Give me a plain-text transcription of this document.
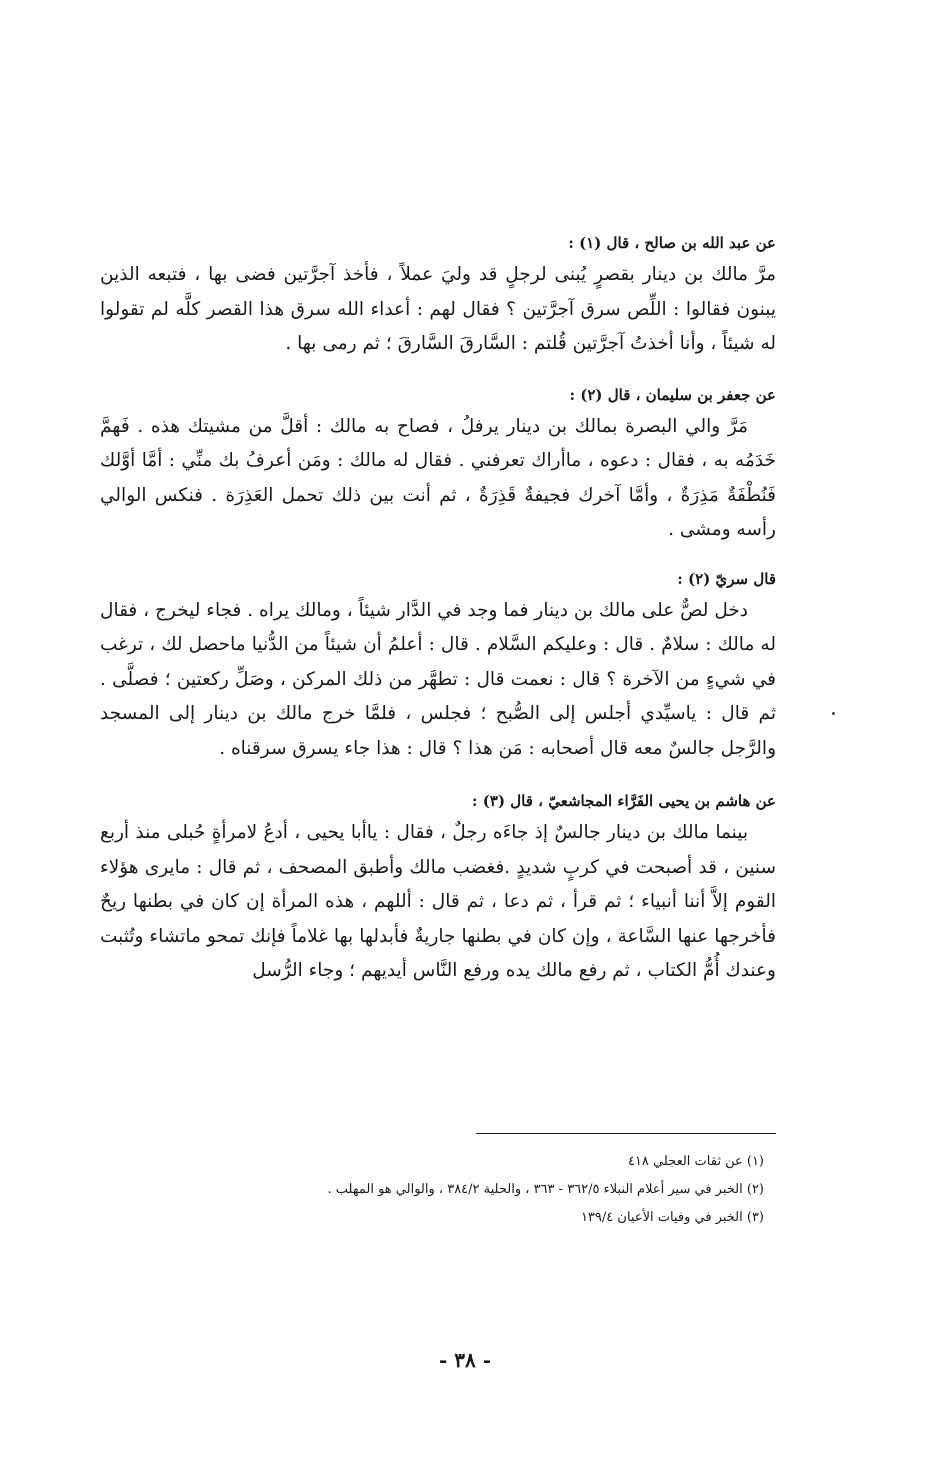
عن عبد الله بن صالح ، قال (١) :

مرَّ مالك بن دينار بقصرٍ يُبنى لرجلٍ قد وليَ عملاً ، فأخذ آجرَّتين فضى بها ، فتبعه الذين يبنون فقالوا : اللِّص سرق آجرَّتين ؟ فقال لهم : أعداء الله سرق هذا القصر كلَّه لم تقولوا له شيئاً ، وأنا أخذتُ آجرَّتين قُلتم : السَّارقَ السَّارقَ ؛ ثم رمى بها .

عن جعفر بن سليمان ، قال (٢) :

مَرَّ والي البصرة بمالك بن دينار يرفلُ ، فصاح به مالك : أقلَّ من مشيتك هذه . فَهمَّ خَدَمُه به ، فقال : دعوه ، ماأراك تعرفني . فقال له مالك : ومَن أعرفُ بك منِّي : أمَّا أوَّلك فَنُطْفَةٌ مَذِرَةٌ ، وأمَّا آخرك فجيفةٌ قَذِرَةٌ ، ثم أنت بين ذلك تحمل العَذِرَة . فنكس الوالي رأسه ومشى .

قال سريّ (٢) :

دخل لصٌّ على مالك بن دينار فما وجد في الدَّار شيئاً ، ومالك يراه . فجاء ليخرج ، فقال له مالك : سلامٌ . قال : وعليكم السَّلام . قال : أعلمُ أن شيئاً من الدُّنيا ماحصل لك ، ترغب في شيءٍ من الآخرة ؟ قال : نعمت قال : تطهَّر من ذلك المركن ، وصَلِّ ركعتين ؛ فصلَّى . ثم قال : ياسيِّدي أجلس إلى الصُّبح ؛ فجلس ، فلمَّا خرج مالك بن دينار إلى المسجد والرَّجل جالسٌ معه قال أصحابه : مَن هذا ؟ قال : هذا جاء يسرق سرقناه .

عن هاشم بن يحيى الفَرَّاء المجاشعيّ ، قال (٣) :

بينما مالك بن دينار جالسٌ إذ جاءَه رجلٌ ، فقال : ياأبا يحيى ، أدعُ لامرأةٍ حُبلى منذ أربع سنين ، قد أصبحت في كربٍ شديدٍ .فغضب مالك وأطبق المصحف ، ثم قال : مايرى هؤلاء القوم إلاَّ أننا أنبياء ؛ ثم قرأ ، ثم دعا ، ثم قال : أللهم ، هذه المرأة إن كان في بطنها ريحٌ فأخرجها عنها السَّاعة ، وإن كان في بطنها جاريةٌ فأبدلها بها غلاماً فإنك تمحو ماتشاء وتُثبت وعندك أُمُّ الكتاب ، ثم رفع مالك يده ورفع النَّاس أيديهم ؛ وجاء الرُّسل

(١) عن ثقات العجلي ٤١٨
(٢) الخبر في سير أعلام النبلاء ٣٦٢/٥ - ٣٦٣ ، والحلية ٣٨٤/٢ ، والوالي هو المهلب .
(٣) الخبر في وفيات الأعيان ١٣٩/٤
- ٣٨ -
